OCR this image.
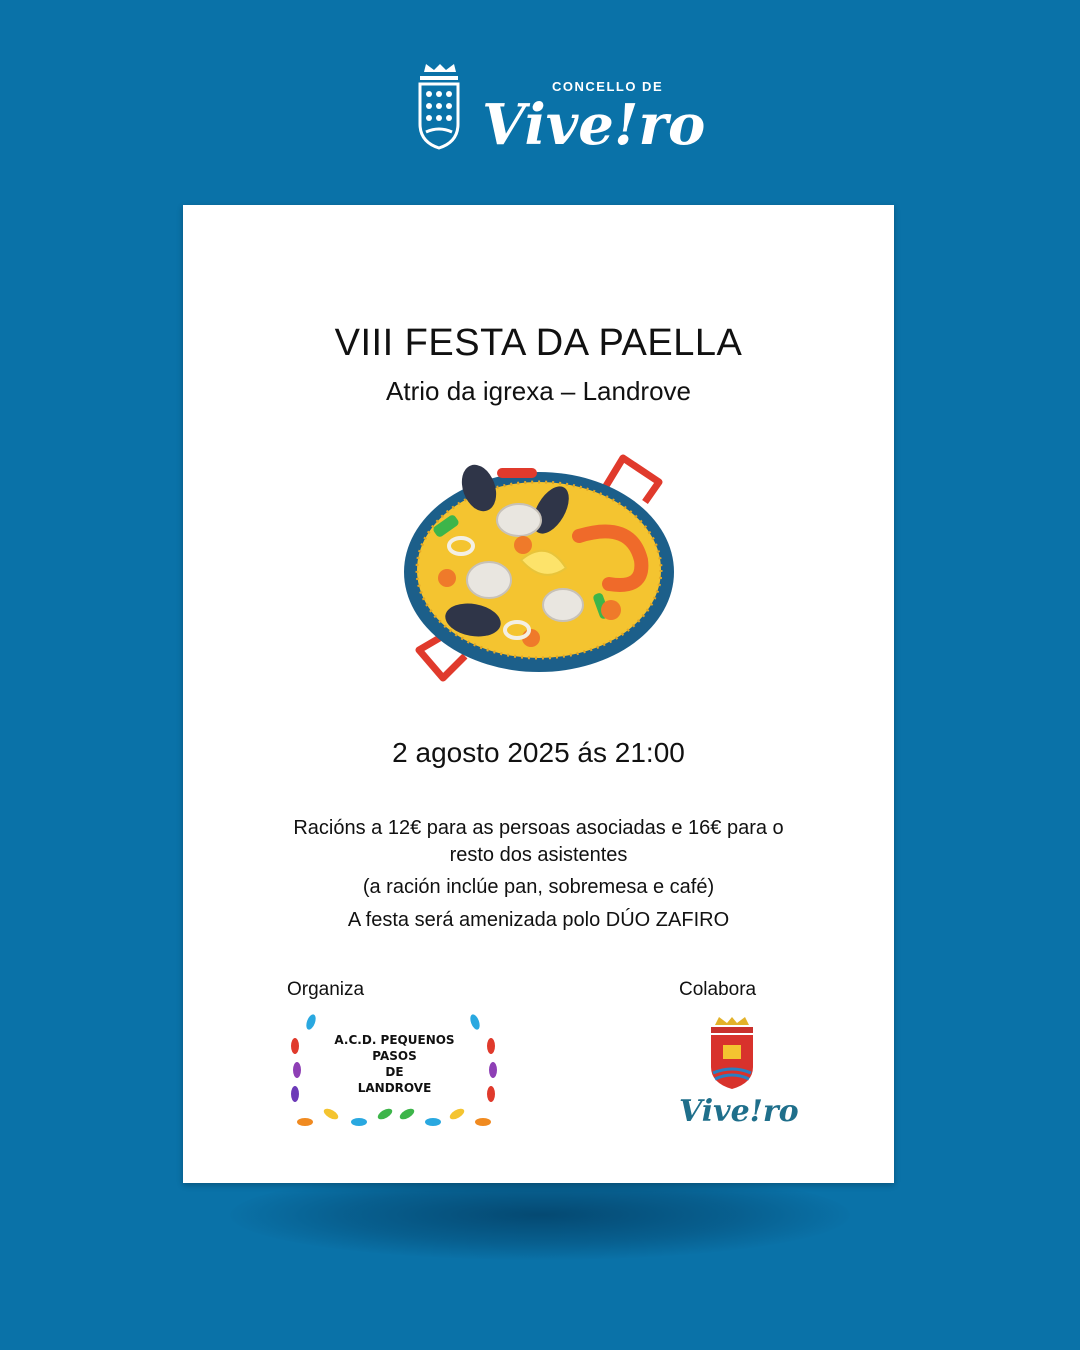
CONCELLO DE
Vive!ro
VIII FESTA DA PAELLA
Atrio da igrexa – Landrove
2 agosto 2025 ás 21:00
Racións a 12€ para as persoas asociadas e 16€ para o
resto dos asistentes
(a ración inclúe pan, sobremesa e café)
A festa será amenizada polo DÚO ZAFIRO
Organiza	Colabora
A.C.D. PEQUENOS
PASOS
DE
LANDROVE
Vive!ro
